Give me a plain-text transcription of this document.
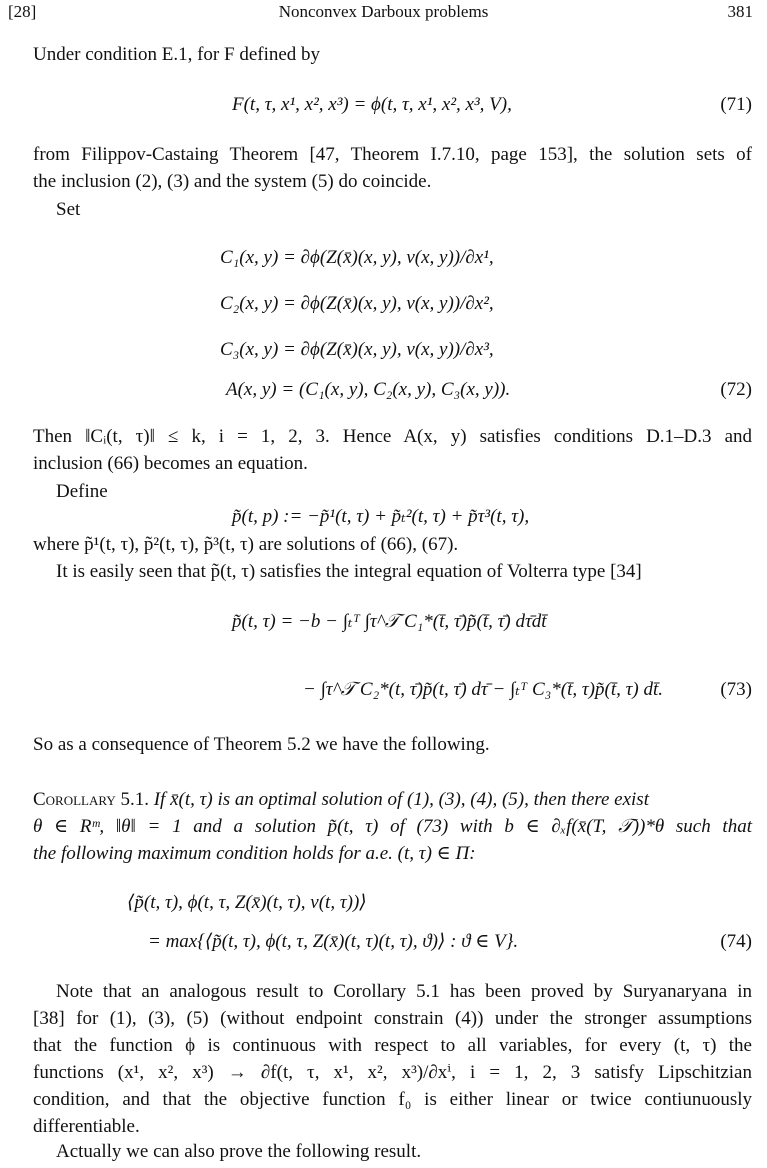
[28]	Nonconvex Darboux problems	381
Under condition E.1, for F defined by
F(t, τ, x¹, x², x³) = ϕ(t, τ, x¹, x², x³, V),	(71)
from Filippov-Castaing Theorem [47, Theorem I.7.10, page 153], the solution sets of
the inclusion (2), (3) and the system (5) do coincide.
Set
C₁(x, y) = ∂ϕ(Z(x̄)(x, y), v(x, y))/∂x¹,
C₂(x, y) = ∂ϕ(Z(x̄)(x, y), v(x, y))/∂x²,
C₃(x, y) = ∂ϕ(Z(x̄)(x, y), v(x, y))/∂x³,
A(x, y) = (C₁(x, y), C₂(x, y), C₃(x, y)).	(72)
Then ‖Cᵢ(t, τ)‖ ≤ k, i = 1, 2, 3. Hence A(x, y) satisfies conditions D.1–D.3 and
inclusion (66) becomes an equation.
Define
p̃(t, p) := −p̃¹(t, τ) + p̃ₜ²(t, τ) + p̃τ³(t, τ),
where p̃¹(t, τ), p̃²(t, τ), p̃³(t, τ) are solutions of (66), (67).
It is easily seen that p̃(t, τ) satisfies the integral equation of Volterra type [34]
p̃(t, τ) = −b − ∫ₜᵀ ∫τ^𝒯 C₁*(t̄, τ̄)p̃(t̄, τ̄) dτ̄dt̄
− ∫τ^𝒯 C₂*(t, τ̄)p̃(t, τ̄) dτ̄ − ∫ₜᵀ C₃*(t̄, τ)p̃(t̄, τ) dt̄.	(73)
So as a consequence of Theorem 5.2 we have the following.
Corollary 5.1. If x̄(t, τ) is an optimal solution of (1), (3), (4), (5), then there exist
θ ∈ Rᵐ, ‖θ‖ = 1 and a solution p̃(t, τ) of (73) with b ∈ ∂ₓf(x̄(T, 𝒯))*θ such that
the following maximum condition holds for a.e. (t, τ) ∈ Π:
⟨p̃(t, τ), ϕ(t, τ, Z(x̄)(t, τ), v(t, τ))⟩
= max{⟨p̃(t, τ), ϕ(t, τ, Z(x̄)(t, τ)(t, τ), ϑ)⟩ : ϑ ∈ V}.	(74)
Note that an analogous result to Corollary 5.1 has been proved by Suryanaryana in
[38] for (1), (3), (5) (without endpoint constrain (4)) under the stronger assumptions
that the function ϕ is continuous with respect to all variables, for every (t, τ) the
functions (x¹, x², x³) → ∂f(t, τ, x¹, x², x³)/∂xⁱ, i = 1, 2, 3 satisfy Lipschitzian
condition, and that the objective function f₀ is either linear or twice contiunuously
differentiable.
Actually we can also prove the following result.
